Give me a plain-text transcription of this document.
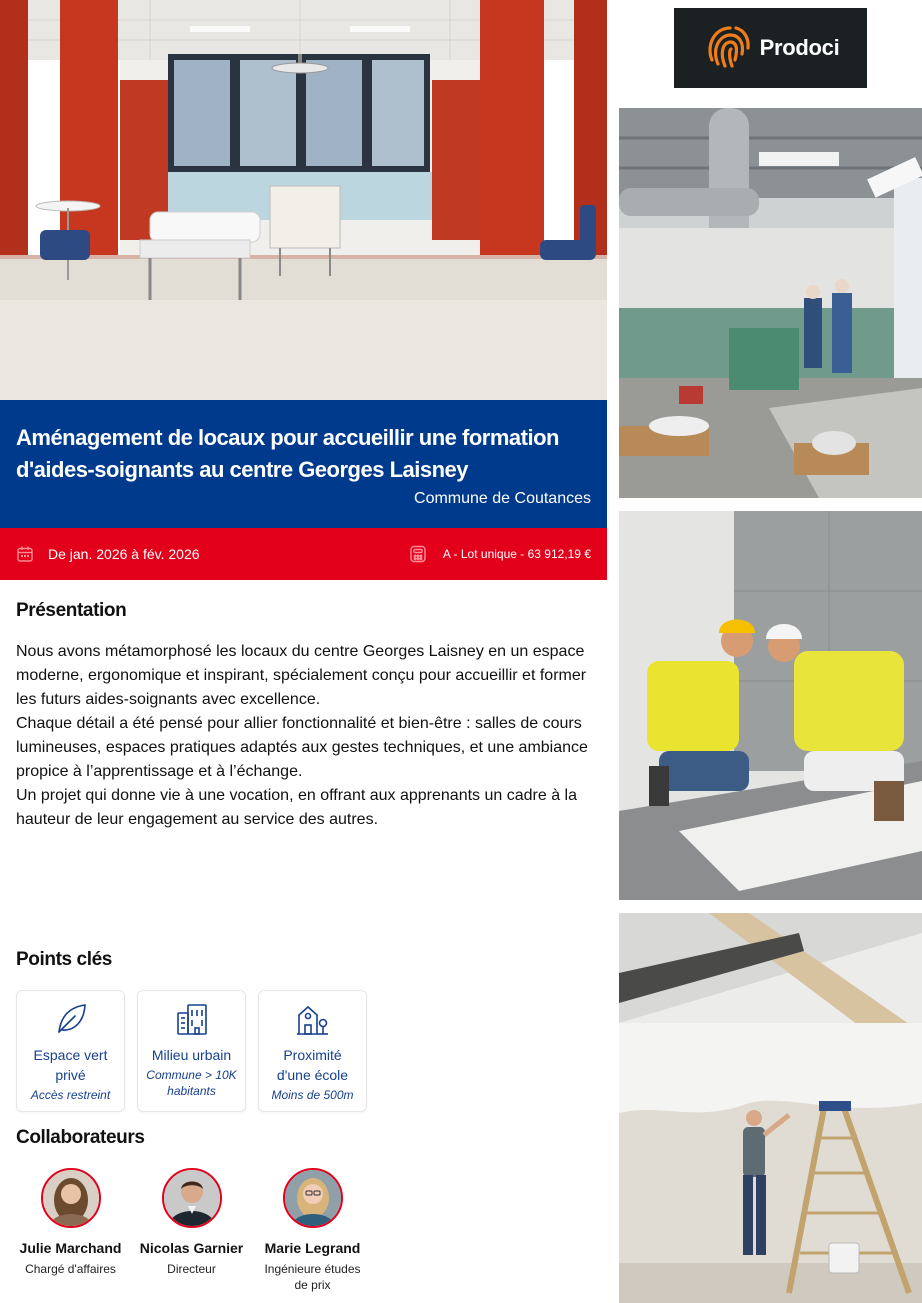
Aménagement de locaux pour accueillir une formation d'aides-soignants au centre Georges Laisney
Commune de Coutances
De jan. 2026 à fév. 2026	A - Lot unique - 63 912,19 €
Présentation

Nous avons métamorphosé les locaux du centre Georges Laisney en un espace moderne, ergonomique et inspirant, spécialement conçu pour accueillir et former les futurs aides-soignants avec excellence.

Chaque détail a été pensé pour allier fonctionnalité et bien-être : salles de cours lumineuses, espaces pratiques adaptés aux gestes techniques, et une ambiance propice à l’apprentissage et à l’échange.

Un projet qui donne vie à une vocation, en offrant aux apprenants un cadre à la hauteur de leur engagement au service des autres.

Points clés
Espace vert privé
Accès restreint
Milieu urbain
Commune > 10K habitants
Proximité d'une école
Moins de 500m
Collaborateurs
Julie Marchand
Chargé d'affaires
Nicolas Garnier
Directeur
Marie Legrand
Ingénieure études de prix
Prodoci
